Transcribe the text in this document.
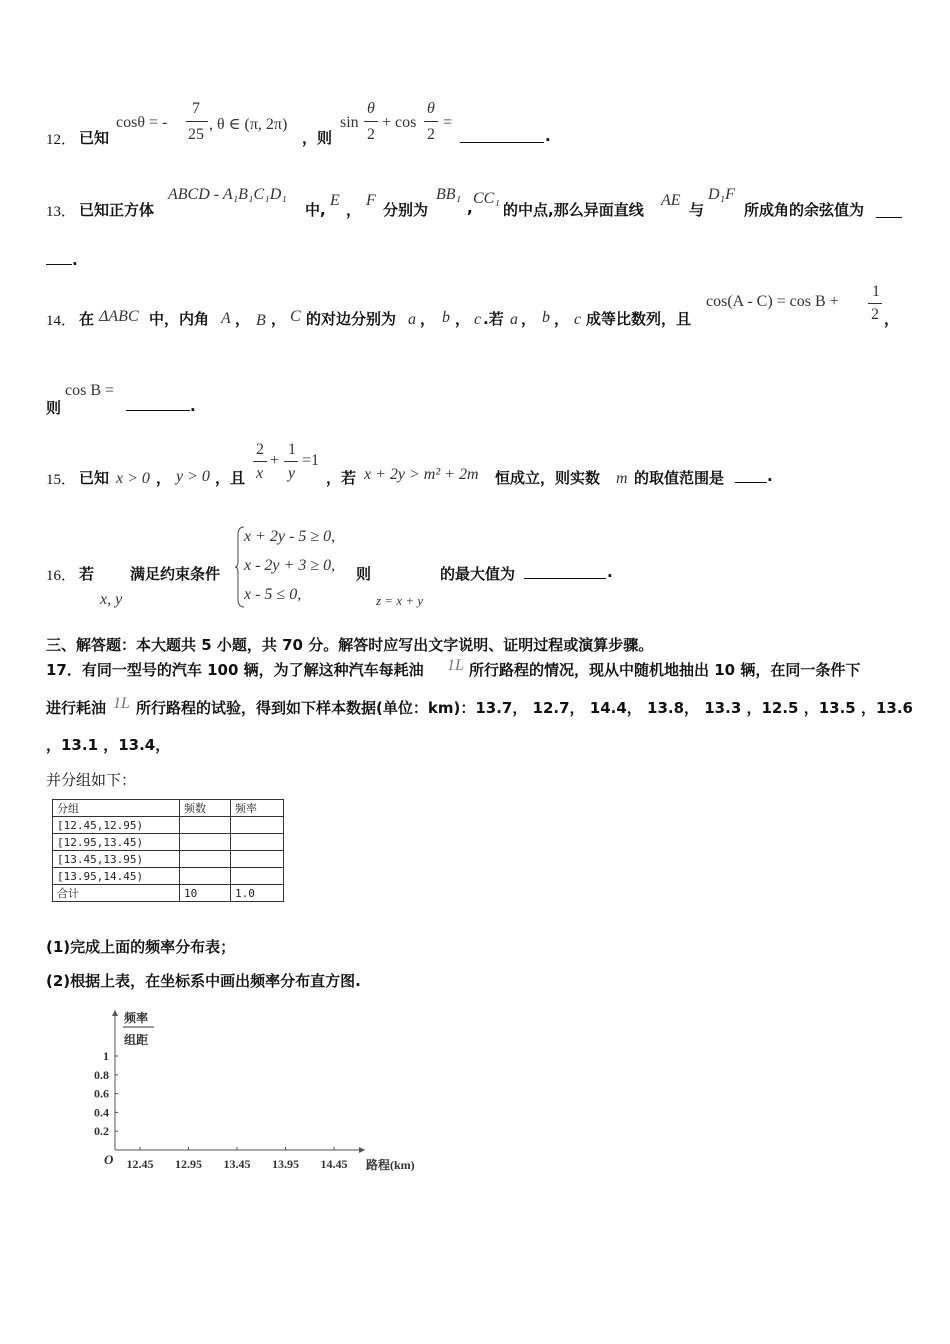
12． 已知
cosθ = -
7
25
, θ ∈ (π, 2π)
，则
sin
θ
2
+ cos
θ
2
=
.
13． 已知正方体
ABCD - A₁B₁C₁D₁
中,
E
，
F
分别为
BB₁
,
CC₁
的中点,那么异面直线
AE
与
D₁F
所成角的余弦值为
.
14． 在 ΔABC 中，内角 A ， B ， C 的对边分别为 a ， b ， c .若 a ， b ， c 成等比数列，且
cos(A - C) = cos B +
1
2 ，
则
cos B =
.
15． 已知 x > 0 ， y > 0 ，且
2
x
+
1
y
=1
，若 x + 2y > m² + 2m 恒成立，则实数 m 的取值范围是	.
16． 若
x, y
满足约束条件
x + 2y - 5 ≥ 0,
x - 2y + 3 ≥ 0,
x - 5 ≤ 0,
则
z = x + y
的最大值为	.
三、解答题：本大题共 5 小题，共 70 分。解答时应写出文字说明、证明过程或演算步骤。
17．有同一型号的汽车 100 辆，为了解这种汽车每耗油 1L 所行路程的情况，现从中随机地抽出 10 辆，在同一条件下
进行耗油 1L 所行路程的试验，得到如下样本数据(单位：km)：13.7， 12.7， 14.4， 13.8， 13.3 ，12.5 ，13.5 ，13.6
，13.1 ，13.4，
并分组如下：
分组	频数	频率
[12.45,12.95)		
[12.95,13.45)		
[13.45,13.95)		
[13.95,14.45)		
合计	10	1.0
(1)完成上面的频率分布表；
(2)根据上表，在坐标系中画出频率分布直方图.
频率
组距
O	路程(km)
12.45 12.95 13.45 13.95 14.45
0.2
0.4
0.6
0.8
1
